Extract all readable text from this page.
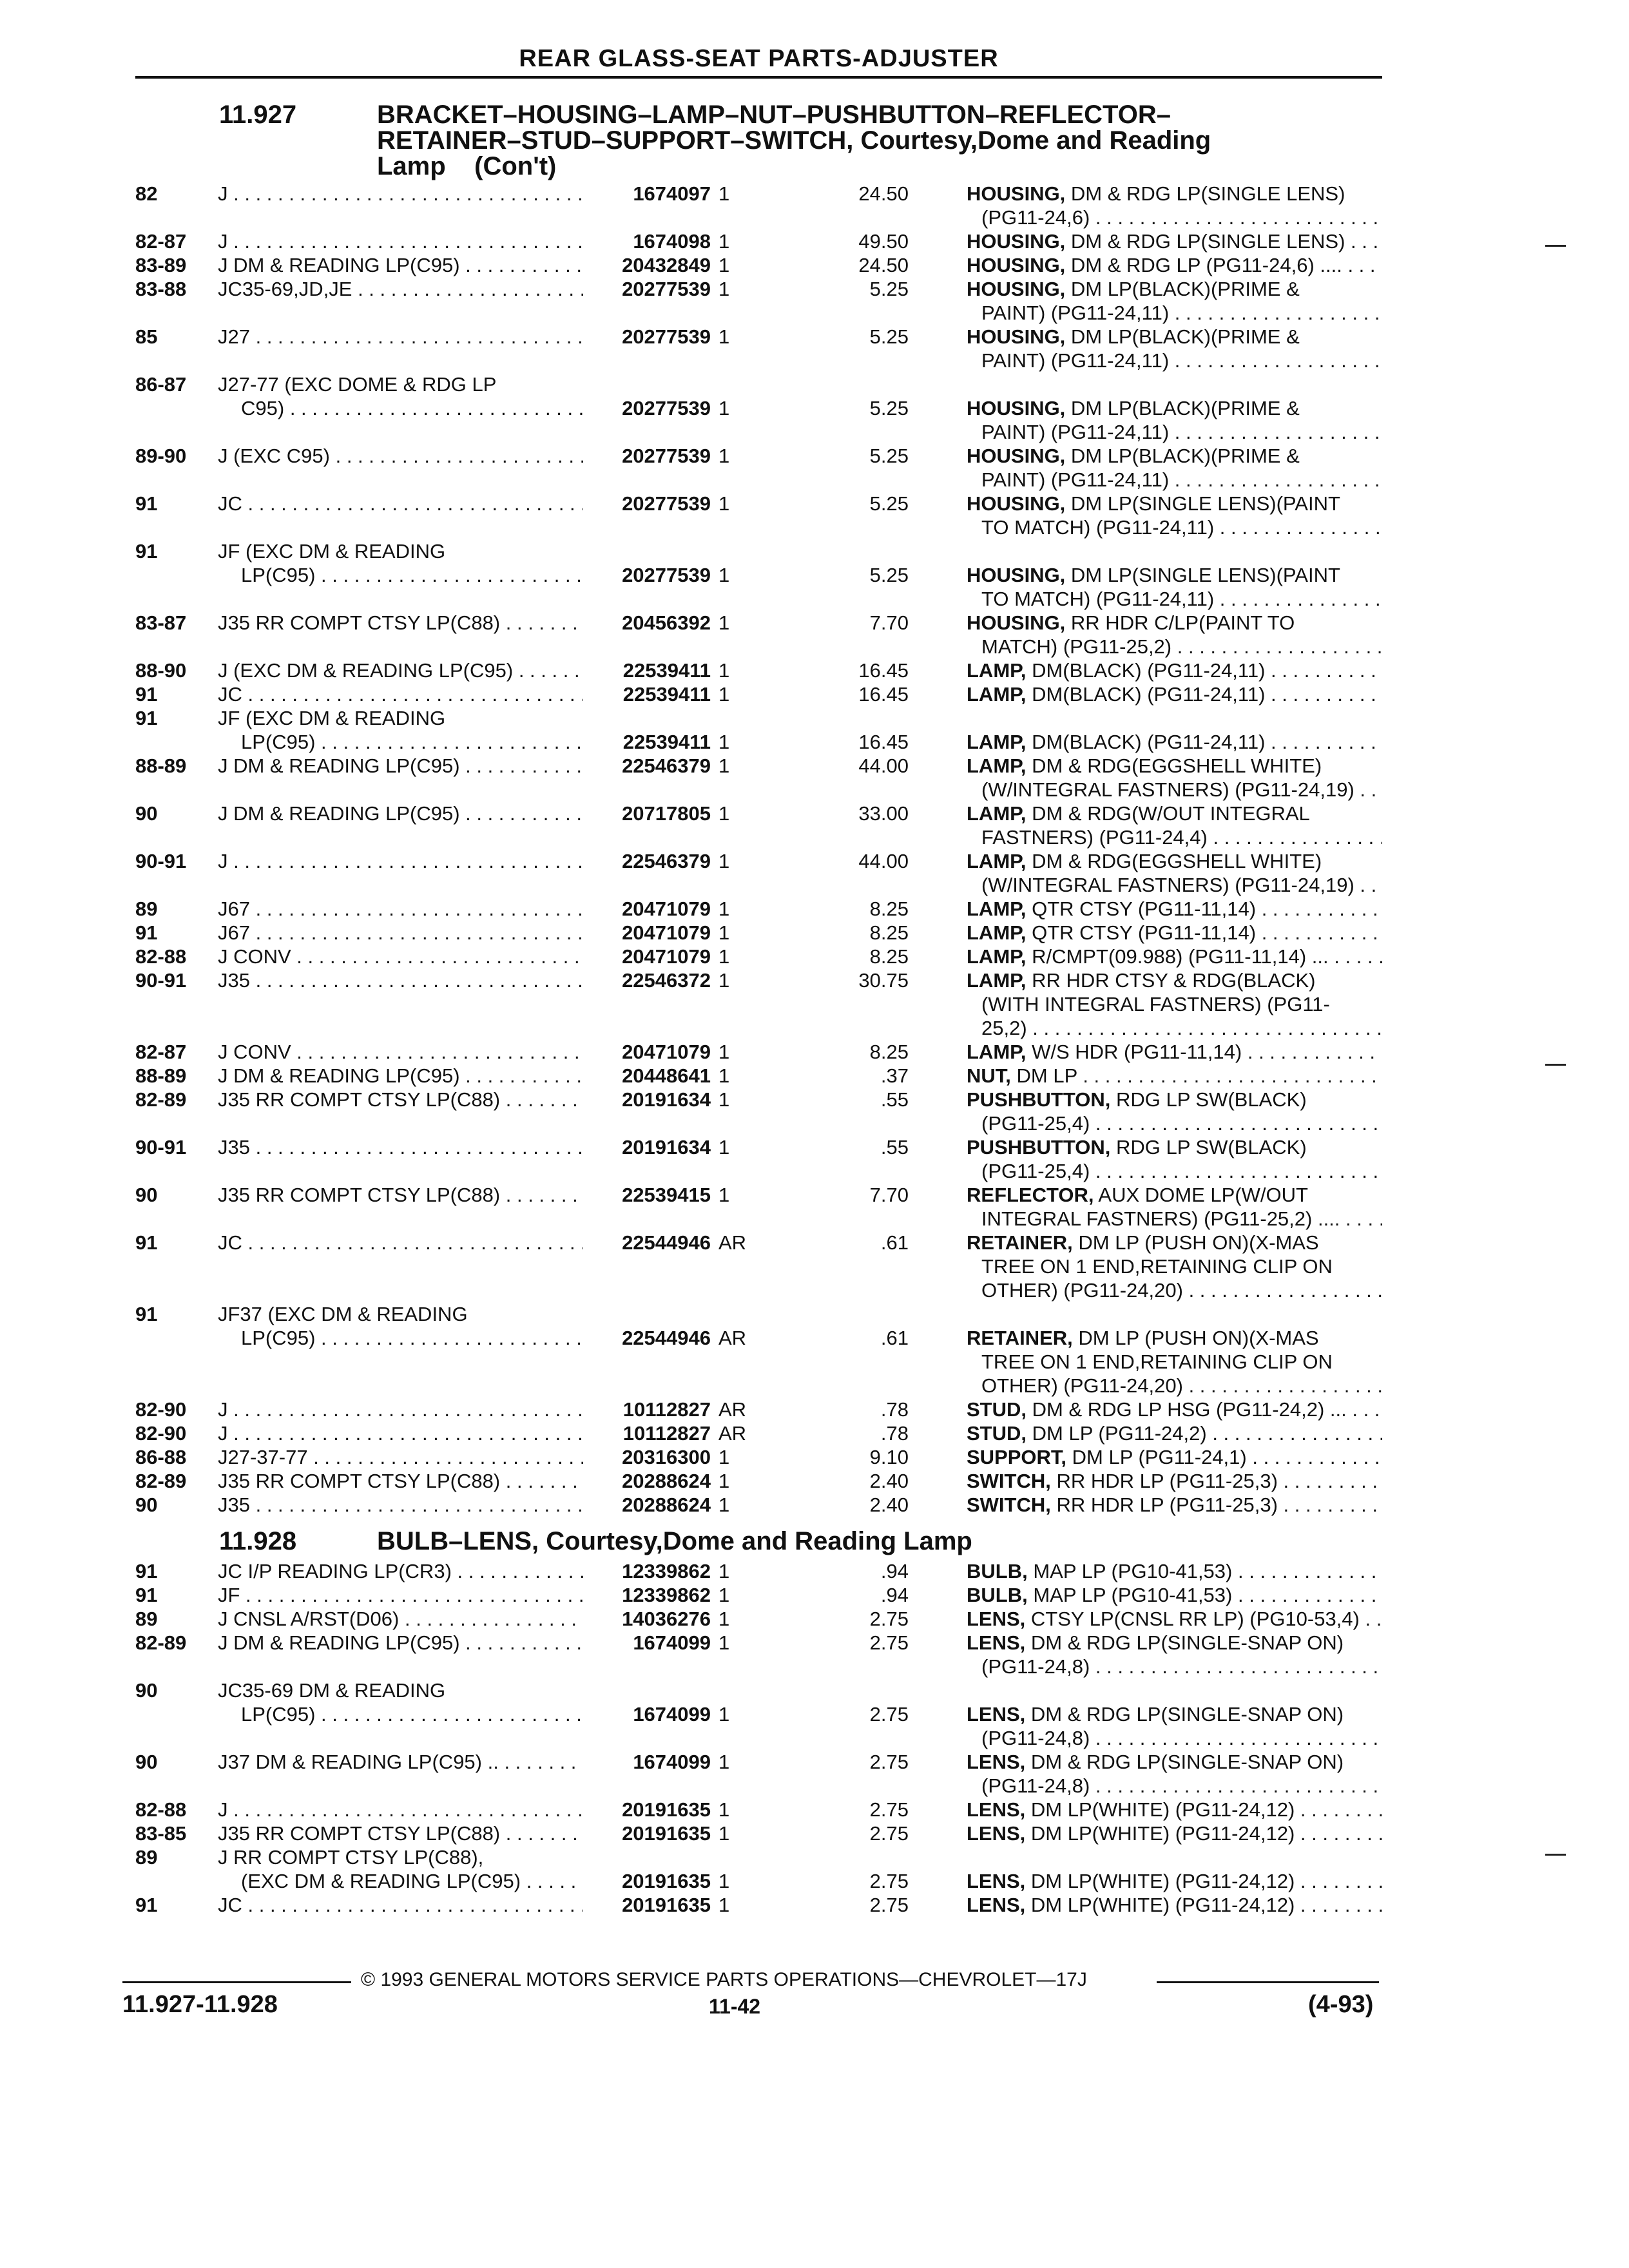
REAR GLASS-SEAT PARTS-ADJUSTER
11.927	BRACKET–HOUSING–LAMP–NUT–PUSHBUTTON–REFLECTOR–
RETAINER–STUD–SUPPORT–SWITCH, Courtesy,Dome and Reading
Lamp    (Con't)
82	J . . .	1674097 1	24.50	HOUSING, DM & RDG LP(SINGLE LENS)
(PG11-24,6) . . .
82-87 J . . .	1674098 1	49.50	HOUSING, DM & RDG LP(SINGLE LENS) . . . .
83-89 J DM & READING LP(C95) . . .	20432849 1	24.50	HOUSING, DM & RDG LP (PG11-24,6) .... . . .
83-88 JC35-69,JD,JE . . .	20277539 1	5.25	HOUSING, DM LP(BLACK)(PRIME &
PAINT) (PG11-24,11) . . .
85	J27 . . .	20277539 1	5.25	HOUSING, DM LP(BLACK)(PRIME &
PAINT) (PG11-24,11) . . .
86-87 J27-77 (EXC DOME & RDG LP
C95) . . .	20277539 1	5.25	HOUSING, DM LP(BLACK)(PRIME &
PAINT) (PG11-24,11) . . .
89-90 J (EXC C95) . . .	20277539 1	5.25	HOUSING, DM LP(BLACK)(PRIME &
PAINT) (PG11-24,11) . . .
91	JC . . .	20277539 1	5.25	HOUSING, DM LP(SINGLE LENS)(PAINT
TO MATCH) (PG11-24,11) . . .
91	JF (EXC DM & READING
LP(C95) . . .	20277539 1	5.25	HOUSING, DM LP(SINGLE LENS)(PAINT
TO MATCH) (PG11-24,11) . . .
83-87 J35 RR COMPT CTSY LP(C88) . . .	20456392 1	7.70	HOUSING, RR HDR C/LP(PAINT TO
MATCH) (PG11-25,2) . . .
88-90 J (EXC DM & READING LP(C95) . . .	22539411 1	16.45	LAMP, DM(BLACK) (PG11-24,11) . . .
91	JC . . .	22539411 1	16.45	LAMP, DM(BLACK) (PG11-24,11) . . .
91	JF (EXC DM & READING
LP(C95) . . .	22539411 1	16.45	LAMP, DM(BLACK) (PG11-24,11) . . .
88-89 J DM & READING LP(C95) . . .	22546379 1	44.00	LAMP, DM & RDG(EGGSHELL WHITE)
(W/INTEGRAL FASTNERS) (PG11-24,19) . . .
90	J DM & READING LP(C95) . . .	20717805 1	33.00	LAMP, DM & RDG(W/OUT INTEGRAL
FASTNERS) (PG11-24,4) . . .
90-91 J . . .	22546379 1	44.00	LAMP, DM & RDG(EGGSHELL WHITE)
(W/INTEGRAL FASTNERS) (PG11-24,19) . . .
89	J67 . . .	20471079 1	8.25	LAMP, QTR CTSY (PG11-11,14) . . .
91	J67 . . .	20471079 1	8.25	LAMP, QTR CTSY (PG11-11,14) . . .
82-88 J CONV . . .	20471079 1	8.25	LAMP, R/CMPT(09.988) (PG11-11,14) ... . . .
90-91 J35 . . .	22546372 1	30.75	LAMP, RR HDR CTSY & RDG(BLACK)
(WITH INTEGRAL FASTNERS) (PG11-
25,2) . . .
82-87 J CONV . . .	20471079 1	8.25	LAMP, W/S HDR (PG11-11,14) . . .
88-89 J DM & READING LP(C95) . . .	20448641 1	.37	NUT, DM LP . . .
82-89 J35 RR COMPT CTSY LP(C88) . . .	20191634 1	.55	PUSHBUTTON, RDG LP SW(BLACK)
(PG11-25,4) . . .
90-91 J35 . . .	20191634 1	.55	PUSHBUTTON, RDG LP SW(BLACK)
(PG11-25,4) . . .
90	J35 RR COMPT CTSY LP(C88) . . .	22539415 1	7.70	REFLECTOR, AUX DOME LP(W/OUT
INTEGRAL FASTNERS) (PG11-25,2) .... . . .
91	JC . . .	22544946 AR	.61	RETAINER, DM LP (PUSH ON)(X-MAS
TREE ON 1 END,RETAINING CLIP ON
OTHER) (PG11-24,20) . . .
91	JF37 (EXC DM & READING
LP(C95) . . .	22544946 AR	.61	RETAINER, DM LP (PUSH ON)(X-MAS
TREE ON 1 END,RETAINING CLIP ON
OTHER) (PG11-24,20) . . .
82-90 J . . .	10112827 AR	.78	STUD, DM & RDG LP HSG (PG11-24,2) ... . . .
82-90 J . . .	10112827 AR	.78	STUD, DM LP (PG11-24,2) . . .
86-88 J27-37-77 . . .	20316300 1	9.10	SUPPORT, DM LP (PG11-24,1) . . .
82-89 J35 RR COMPT CTSY LP(C88) . . .	20288624 1	2.40	SWITCH, RR HDR LP (PG11-25,3) . . .
90	J35 . . .	20288624 1	2.40	SWITCH, RR HDR LP (PG11-25,3) . . .
11.928	BULB–LENS, Courtesy,Dome and Reading Lamp
91	JC I/P READING LP(CR3) . . .	12339862 1	.94	BULB, MAP LP (PG10-41,53) . . .
91	JF . . .	12339862 1	.94	BULB, MAP LP (PG10-41,53) . . .
89	J CNSL A/RST(D06) . . .	14036276 1	2.75	LENS, CTSY LP(CNSL RR LP) (PG10-53,4) . . .
82-89 J DM & READING LP(C95) . . .	1674099 1	2.75	LENS, DM & RDG LP(SINGLE-SNAP ON)
(PG11-24,8) . . .
90	JC35-69 DM & READING
LP(C95) . . .	1674099 1	2.75	LENS, DM & RDG LP(SINGLE-SNAP ON)
(PG11-24,8) . . .
90	J37 DM & READING LP(C95) .. . . .	1674099 1	2.75	LENS, DM & RDG LP(SINGLE-SNAP ON)
(PG11-24,8) . . .
82-88 J . . .	20191635 1	2.75	LENS, DM LP(WHITE) (PG11-24,12) . . .
83-85 J35 RR COMPT CTSY LP(C88) . . .	20191635 1	2.75	LENS, DM LP(WHITE) (PG11-24,12) . . .
89	J RR COMPT CTSY LP(C88),
(EXC DM & READING LP(C95) . . .	20191635 1	2.75	LENS, DM LP(WHITE) (PG11-24,12) . . .
91	JC . . .	20191635 1	2.75	LENS, DM LP(WHITE) (PG11-24,12) . . .
© 1993 GENERAL MOTORS SERVICE PARTS OPERATIONS—CHEVROLET—17J
11.927-11.928	11-42	(4-93)
